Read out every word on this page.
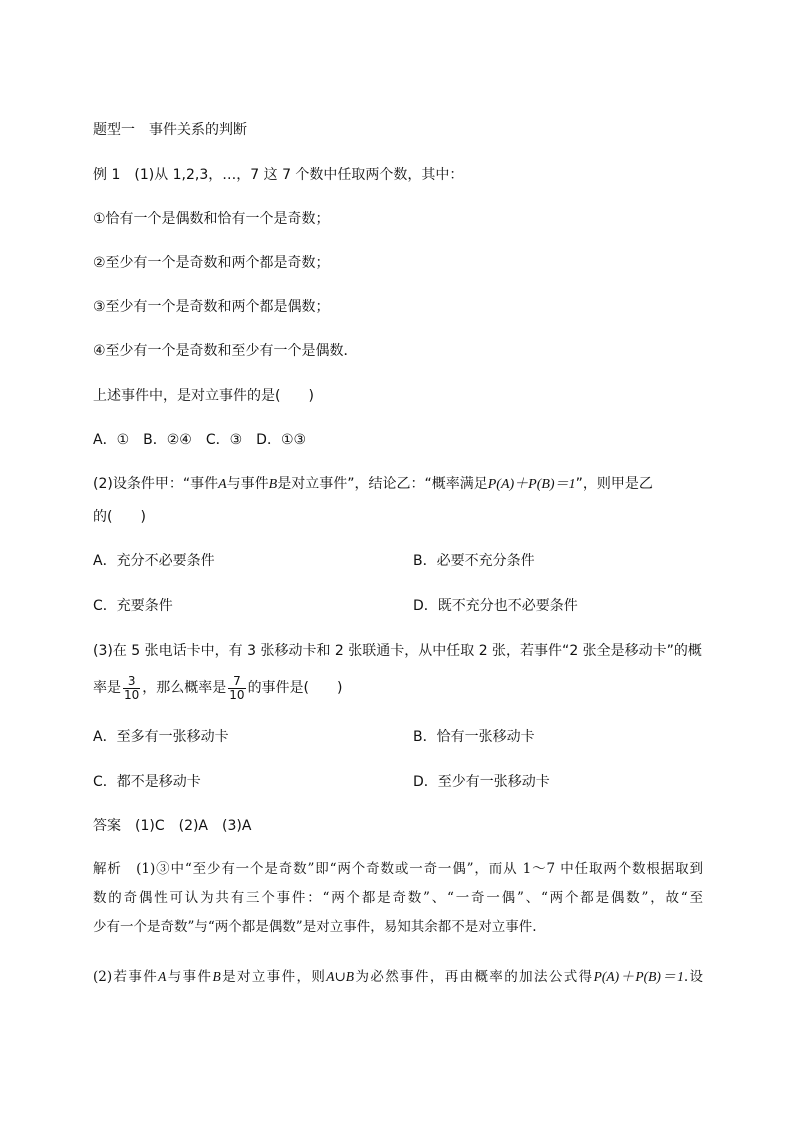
题型一　事件关系的判断
例 1　 (1)从 1,2,3，…，7 这 7 个数中任取两个数，其中：
①恰有一个是偶数和恰有一个是奇数；
②至少有一个是奇数和两个都是奇数；
③至少有一个是奇数和两个都是偶数；
④至少有一个是奇数和至少有一个是偶数．
上述事件中，是对立事件的是(　　)
A．①　B．②④　C．③　D．①③
(2)设条件甲：“事件A与事件B是对立事件”，结论乙：“概率满足P(A)＋P(B)＝1”，则甲是乙
的(　　)
A．充分不必要条件	B．必要不充分条件
C．充要条件	D．既不充分也不必要条件
(3)在 5 张电话卡中，有 3 张移动卡和 2 张联通卡，从中任取 2 张，若事件“2 张全是移动卡”的概
率是 $\frac{3}{10}$ ，那么概率是 $\frac{7}{10}$ 的事件是(　　)
A．至多有一张移动卡	B．恰有一张移动卡
C．都不是移动卡	D．至少有一张移动卡
答案　 (1)C　(2)A　(3)A
解析　 (1)③中“至少有一个是奇数”即“两个奇数或一奇一偶”，而从 1～7 中任取两个数根据取到
数的奇偶性可认为共有三个事件：“两个都是奇数”、“一奇一偶”、“两个都是偶数”，故“至
少有一个是奇数”与“两个都是偶数”是对立事件，易知其余都不是对立事件.
(2)若事件A与事件B是对立事件，则A∪B为必然事件，再由概率的加法公式得P(A)＋P(B)＝1.设
